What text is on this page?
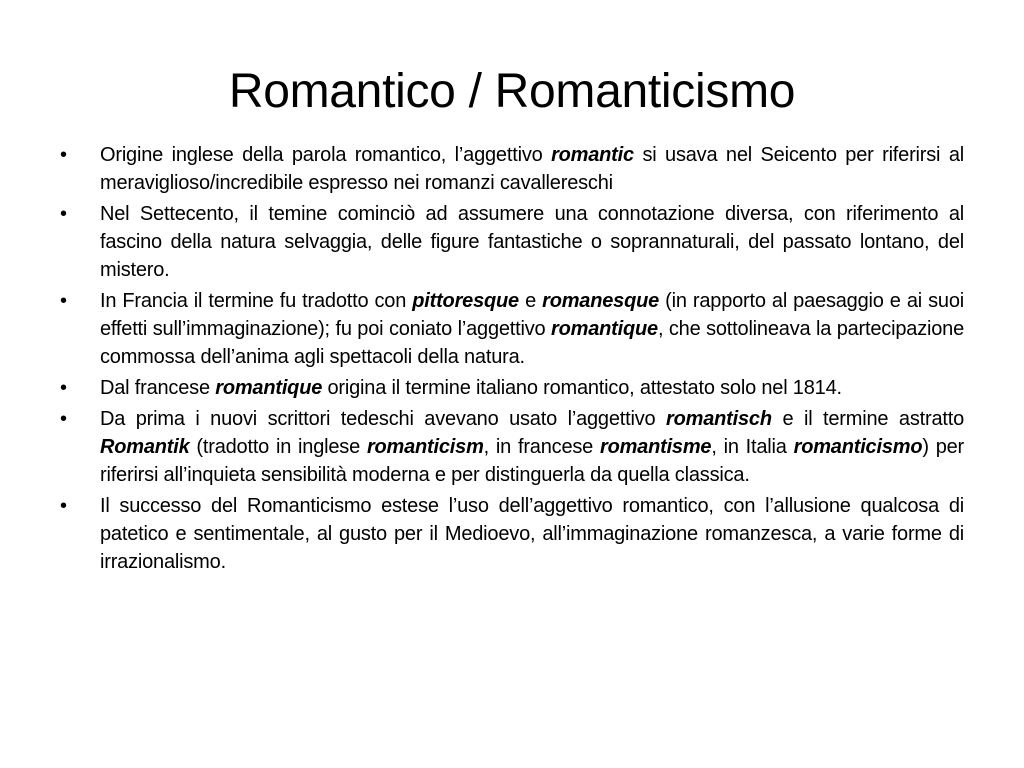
Romantico / Romanticismo
•	Origine inglese della parola romantico, l’aggettivo romantic si usava nel Seicento per riferirsi al meraviglioso/incredibile espresso nei romanzi cavallereschi
•	Nel Settecento, il temine cominciò ad assumere una connotazione diversa, con riferimento al fascino della natura selvaggia, delle figure fantastiche o soprannaturali, del passato lontano, del mistero.
•	In Francia il termine fu tradotto con pittoresque e romanesque (in rapporto al paesaggio e ai suoi effetti sull’immaginazione); fu poi coniato l’aggettivo romantique, che sottolineava la partecipazione commossa dell’anima agli spettacoli della natura.
•	Dal francese romantique origina il termine italiano romantico, attestato solo nel 1814.
•	Da prima i nuovi scrittori tedeschi avevano usato l’aggettivo romantisch e il termine astratto Romantik (tradotto in inglese romanticism, in francese romantisme, in Italia romanticismo) per riferirsi all’inquieta sensibilità moderna e per distinguerla da quella classica.
•	Il successo del Romanticismo estese l’uso dell’aggettivo romantico, con l’allusione qualcosa di patetico e sentimentale, al gusto per il Medioevo, all’immaginazione romanzesca, a varie forme di irrazionalismo.
